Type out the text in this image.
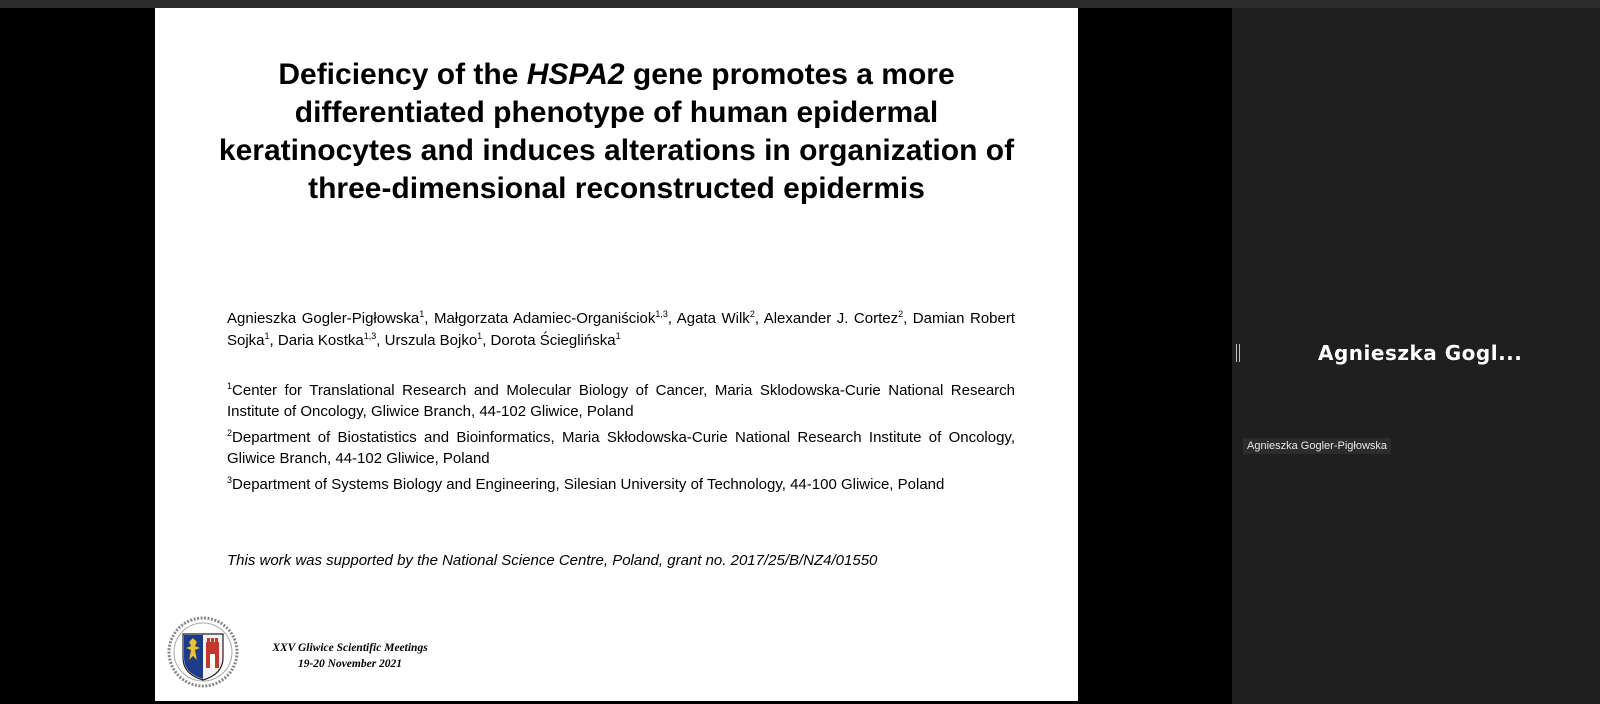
Deficiency of the HSPA2 gene promotes a more differentiated phenotype of human epidermal keratinocytes and induces alterations in organization of three-dimensional reconstructed epidermis
Agnieszka Gogler-Pigłowska$^1$, Małgorzata Adamiec-Organiściok$^{1,3}$, Agata Wilk$^2$, Alexander J. Cortez$^2$, Damian Robert Sojka$^1$, Daria Kostka$^{1,3}$, Urszula Bojko$^1$, Dorota Ścieglińska$^1$
$^1$Center for Translational Research and Molecular Biology of Cancer, Maria Sklodowska-Curie National Research Institute of Oncology, Gliwice Branch, 44-102 Gliwice, Poland
$^2$Department of Biostatistics and Bioinformatics, Maria Skłodowska-Curie National Research Institute of Oncology, Gliwice Branch, 44-102 Gliwice, Poland
$^3$Department of Systems Biology and Engineering, Silesian University of Technology, 44-100 Gliwice, Poland
This work was supported by the National Science Centre, Poland, grant no. 2017/25/B/NZ4/01550
XXV Gliwice Scientific Meetings
19-20 November 2021
Agnieszka Gogl...
Agnieszka Gogler-Pigłowska
